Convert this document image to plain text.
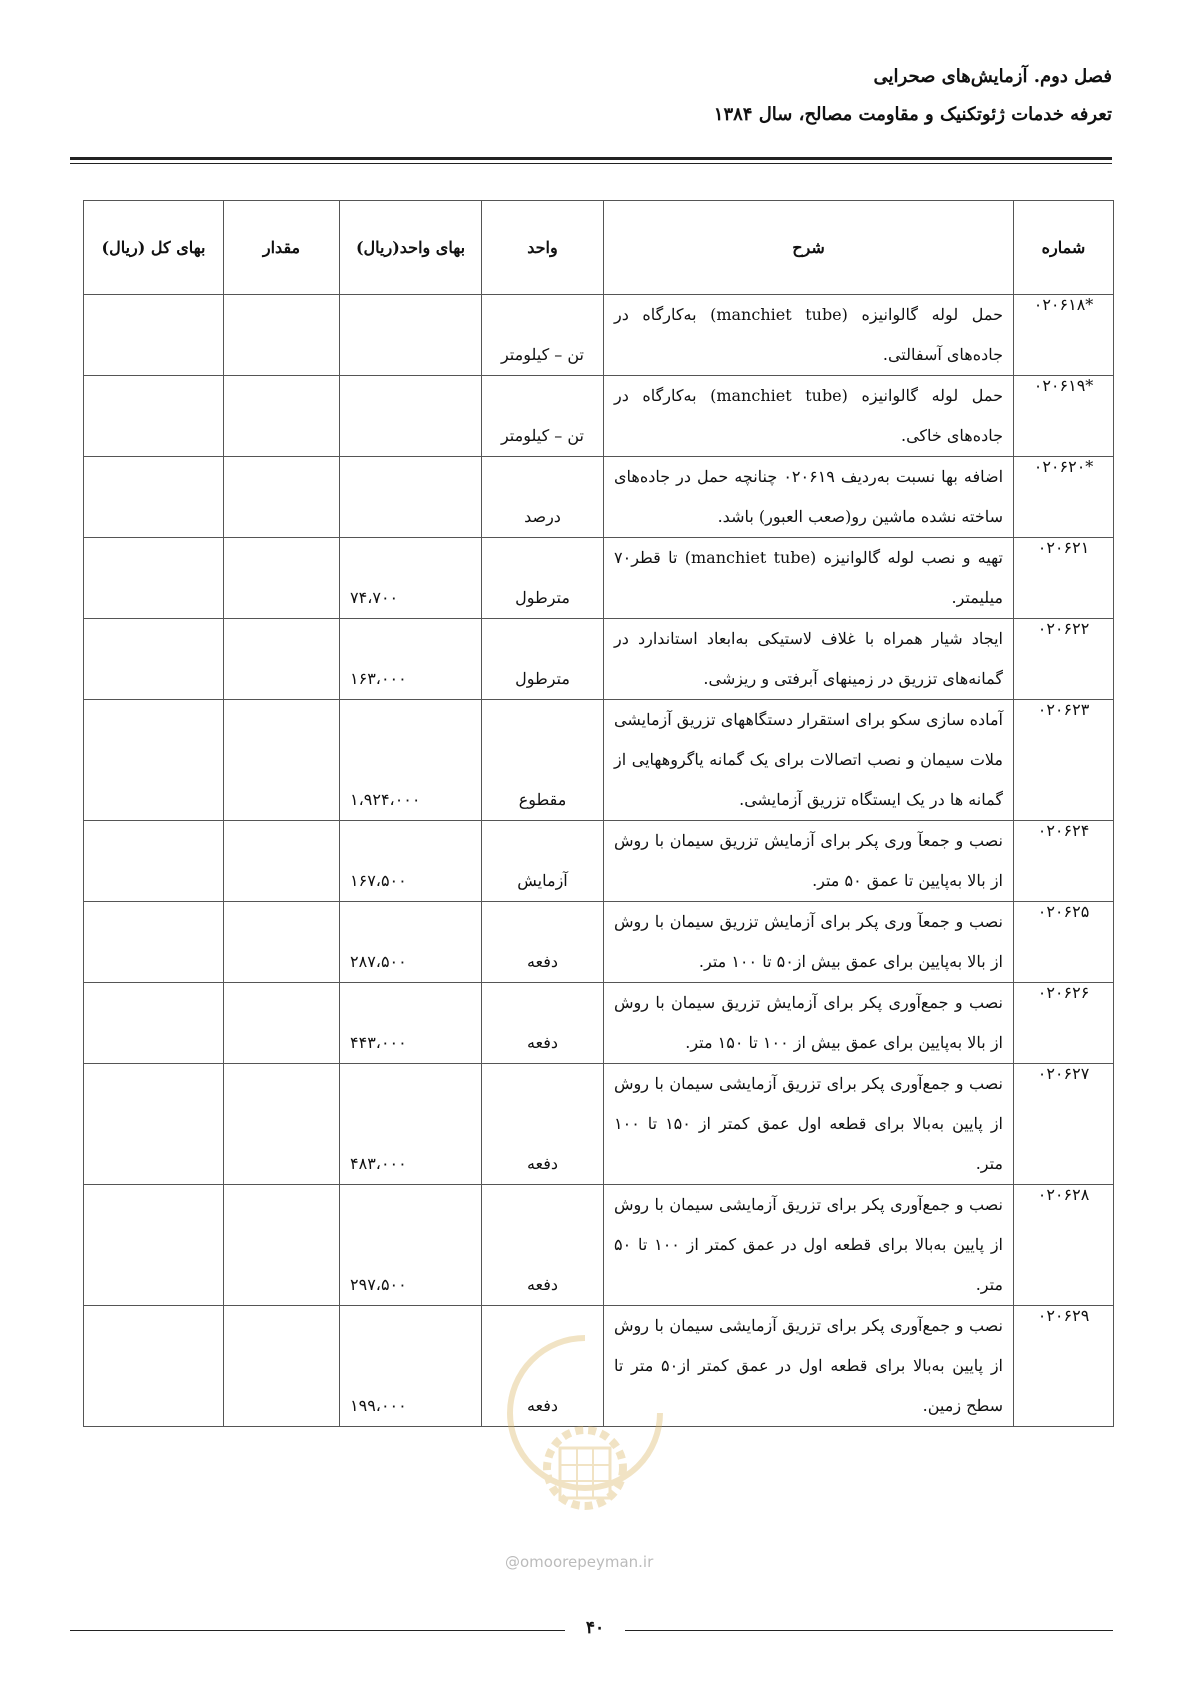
فصل دوم. آزمایش‌های صحرایی
تعرفه خدمات ژئوتکنیک و مقاومت مصالح، سال ۱۳۸۴
شماره	شرح	واحد	بهای واحد(ریال)	مقدار	بهای کل (ریال)
*۰۲۰۶۱۸	حمل لوله گالوانیزه (manchiet tube) به‌کارگاه در جاده‌های آسفالتی.	تن – کیلومتر			
*۰۲۰۶۱۹	حمل لوله گالوانیزه (manchiet tube) به‌کارگاه در جاده‌های خاکی.	تن – کیلومتر			
*۰۲۰۶۲۰	اضافه بها نسبت به‌ردیف ۰۲۰۶۱۹ چنانچه حمل در جاده‌های ساخته نشده ماشین رو(صعب العبور) باشد.	درصد			
۰۲۰۶۲۱	تهیه و نصب لوله گالوانیزه (manchiet tube) تا قطر۷۰ میلیمتر.	مترطول	۷۴،۷۰۰		
۰۲۰۶۲۲	ایجاد شیار همراه با غلاف لاستیکی به‌ابعاد استاندارد در گمانه‌های تزریق در زمینهای آبرفتی و ریزشی.	مترطول	۱۶۳،۰۰۰		
۰۲۰۶۲۳	آماده سازی سکو برای استقرار دستگاههای تزریق آزمایشی ملات سیمان و نصب اتصالات برای یک گمانه یاگروههایی از گمانه ها در یک ایستگاه تزریق آزمایشی.	مقطوع	۱،۹۲۴،۰۰۰		
۰۲۰۶۲۴	نصب و جمعآ وری پکر برای آزمایش تزریق سیمان با روش از بالا به‌پایین تا عمق ۵۰ متر.	آزمایش	۱۶۷،۵۰۰		
۰۲۰۶۲۵	نصب و جمعآ وری پکر برای آزمایش تزریق سیمان با روش از بالا به‌پایین برای عمق بیش از۵۰ تا ۱۰۰ متر.	دفعه	۲۸۷،۵۰۰		
۰۲۰۶۲۶	نصب و جمع‌آوری پکر برای آزمایش تزریق سیمان با روش از بالا به‌پایین برای عمق بیش از ۱۰۰ تا ۱۵۰ متر.	دفعه	۴۴۳،۰۰۰		
۰۲۰۶۲۷	نصب و جمع‌آوری پکر برای تزریق آزمایشی سیمان با روش از پایین به‌بالا برای قطعه اول عمق کمتر از ۱۵۰ تا ۱۰۰ متر.	دفعه	۴۸۳،۰۰۰		
۰۲۰۶۲۸	نصب و جمع‌آوری پکر برای تزریق آزمایشی سیمان با روش از پایین به‌بالا برای قطعه اول در عمق کمتر از ۱۰۰ تا ۵۰ متر.	دفعه	۲۹۷،۵۰۰		
۰۲۰۶۲۹	نصب و جمع‌آوری پکر برای تزریق آزمایشی سیمان با روش از پایین به‌بالا برای قطعه اول در عمق کمتر از۵۰ متر تا سطح زمین.	دفعه	۱۹۹،۰۰۰		
@omoorepeyman.ir
۴۰
